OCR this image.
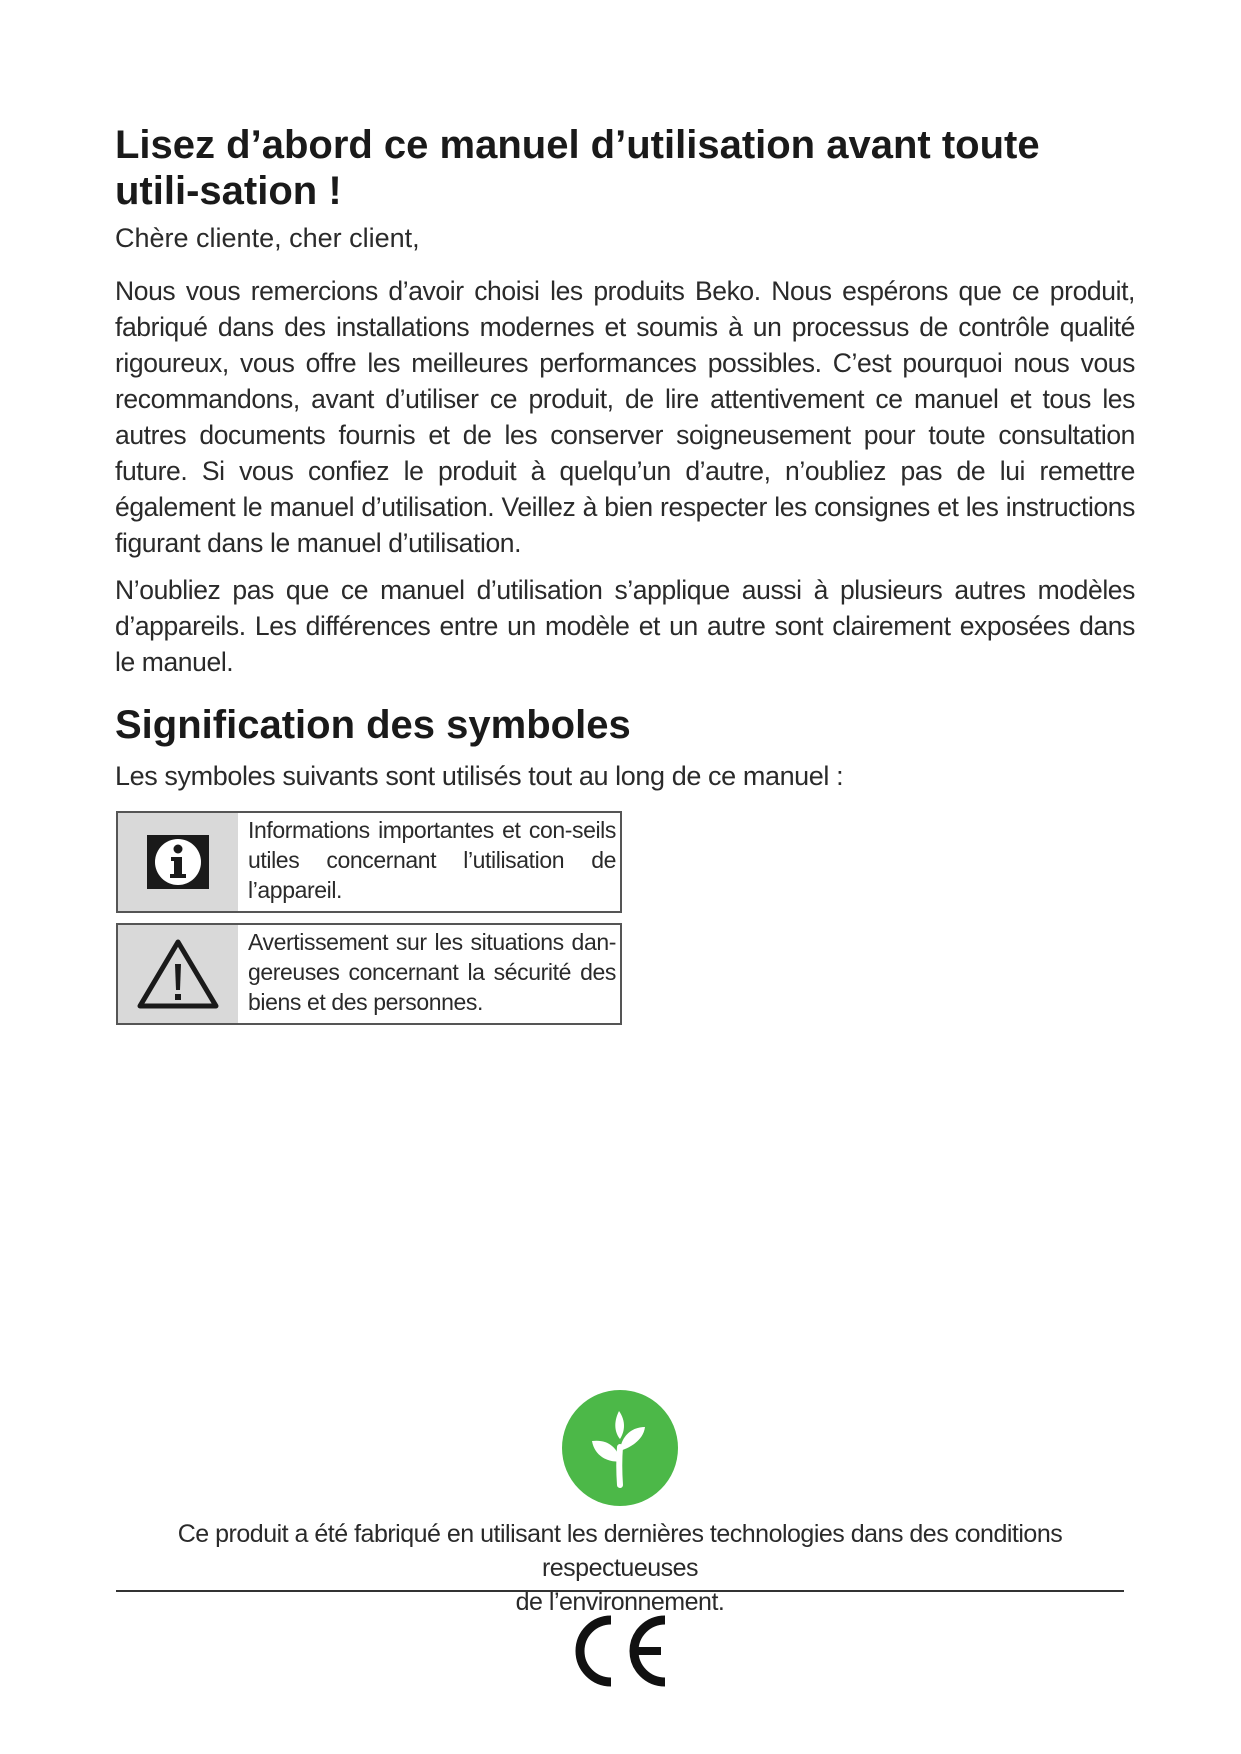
Lisez d’abord ce manuel d’utilisation avant toute utili-sation !

Chère cliente, cher client,

Nous vous remercions d’avoir choisi les produits Beko. Nous espérons que ce produit, fabriqué dans des installations modernes et soumis à un processus de contrôle qualité rigoureux, vous offre les meilleures performances possibles. C’est pourquoi nous vous recommandons, avant d’utiliser ce produit, de lire attentivement ce manuel et tous les autres documents fournis et de les conserver soigneusement pour toute consultation future. Si vous confiez le produit à quelqu’un d’autre, n’oubliez pas de lui remettre également le manuel d’utilisation. Veillez à bien respecter les consignes et les instructions figurant dans le manuel d’utilisation.

N’oubliez pas que ce manuel d’utilisation s’applique aussi à plusieurs autres modèles d’appareils. Les différences entre un modèle et un autre sont clairement exposées dans le manuel.

Signification des symboles

Les symboles suivants sont utilisés tout au long de ce manuel :

Informations importantes et con-seils utiles concernant l’utilisation de l’appareil.

Avertissement sur les situations dan-gereuses concernant la sécurité des biens et des personnes.

Ce produit a été fabriqué en utilisant les dernières technologies dans des conditions respectueuses
de l’environnement.
